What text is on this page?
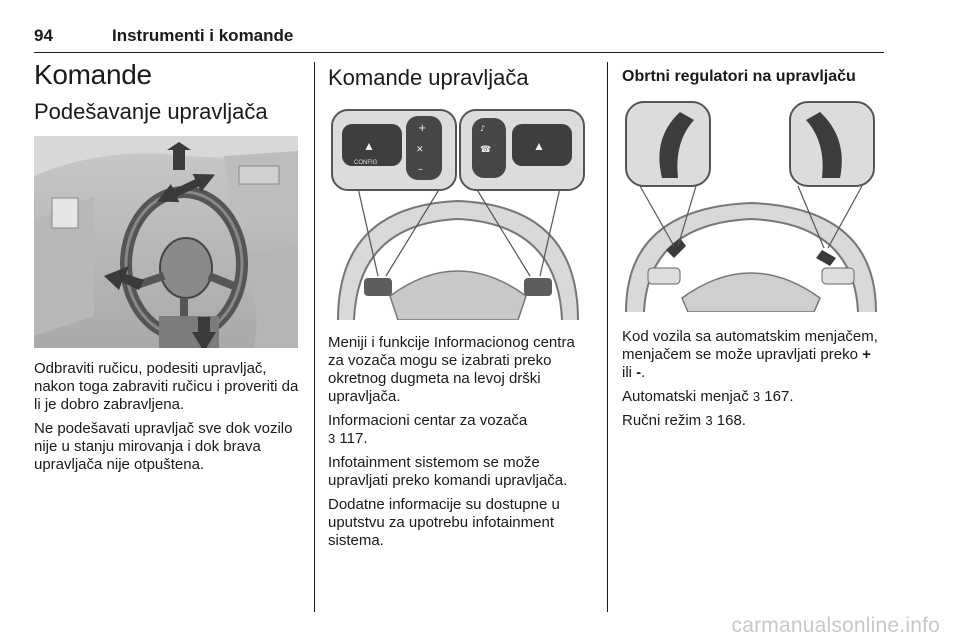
94	Instrumenti i komande
Komande
Podešavanje upravljača

Odbraviti ručicu, podesiti upravljač, nakon toga zabraviti ručicu i proveriti da li je dobro zabravljena.

Ne podešavati upravljač sve dok vozilo nije u stanju mirovanja i dok brava upravljača nije otpuštena.

Komande upravljača
▲
CONFIG
+
–
✕
♪
☎	▲

Meniji i funkcije Informacionog centra za vozača mogu se izabrati preko okretnog dugmeta na levoj drški upravljača.

Informacioni centar za vozača
3 117.

Infotainment sistemom se može upravljati preko komandi upravljača.

Dodatne informacije su dostupne u uputstvu za upotrebu infotainment sistema.

Obrtni regulatori na upravljaču

Kod vozila sa automatskim menjačem, menjačem se može upravljati preko + ili -.

Automatski menjač 3 167.

Ručni režim 3 168.

carmanualsonline.info
